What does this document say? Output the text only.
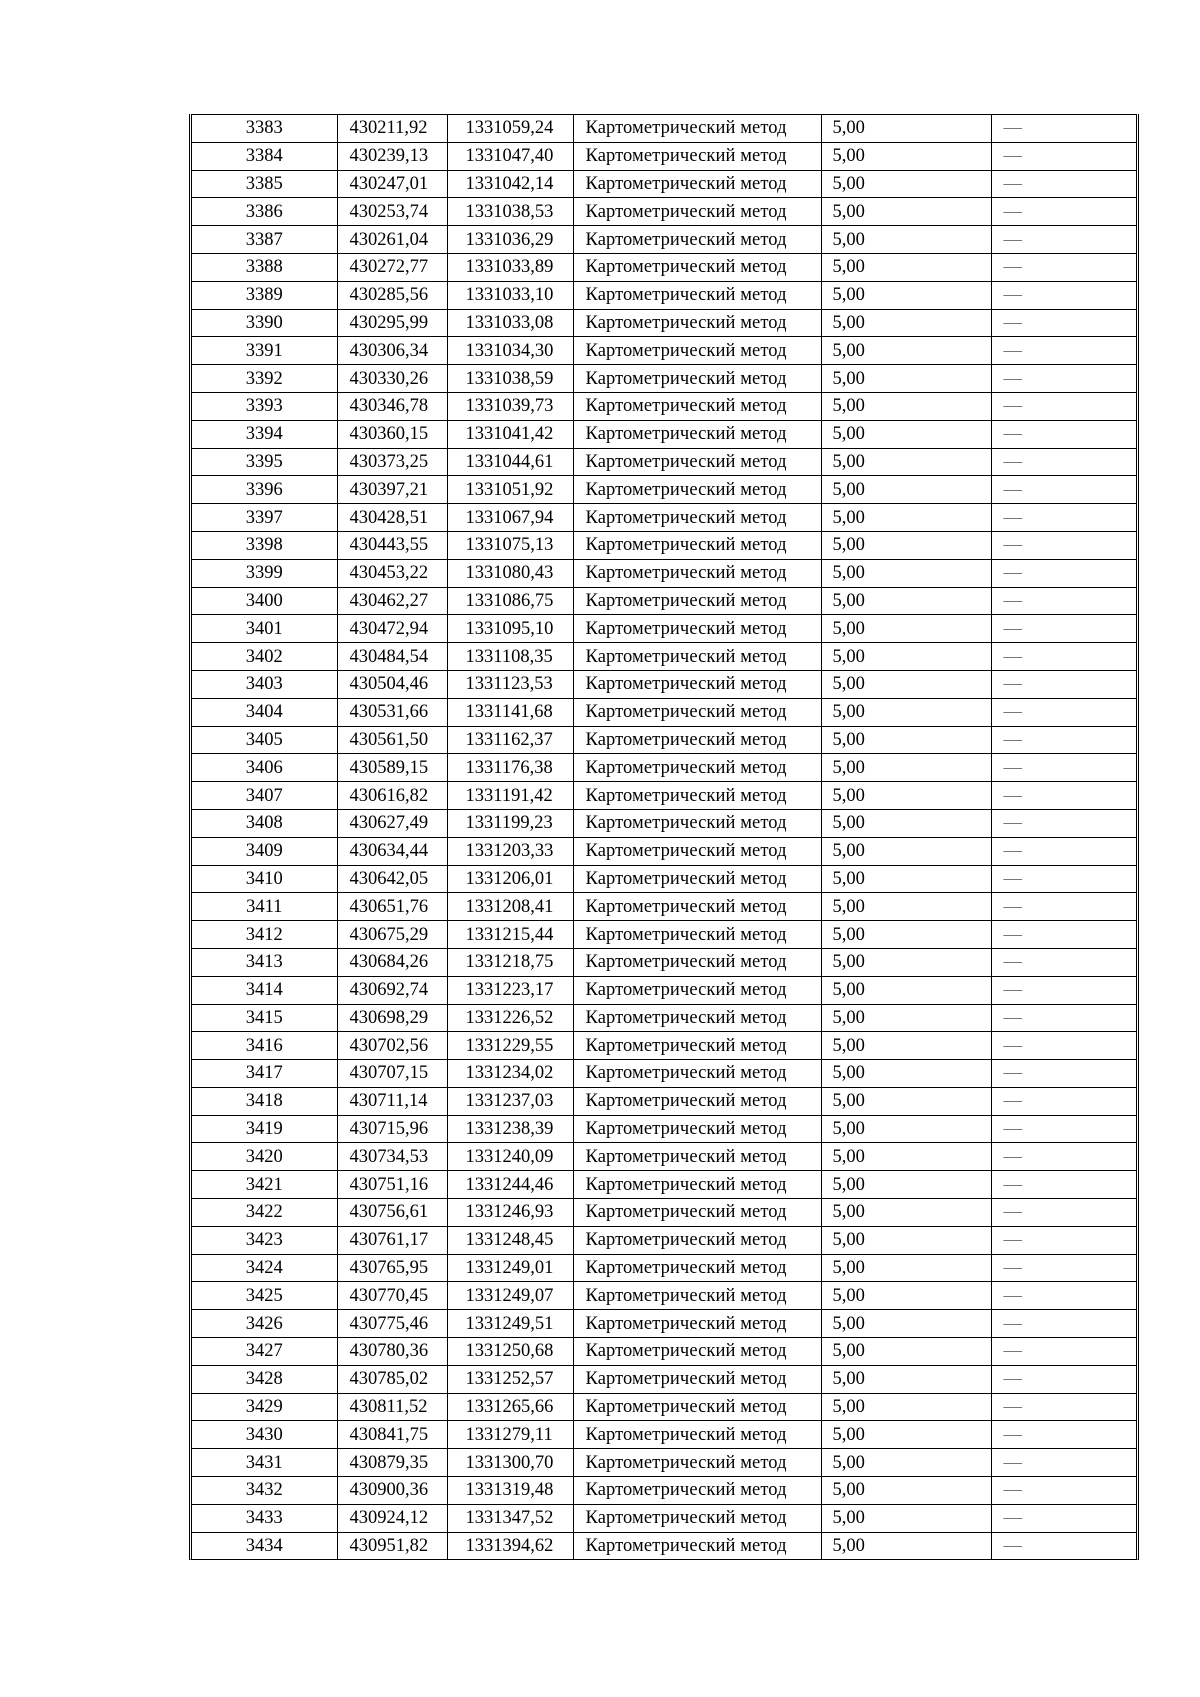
3383	430211,92	1331059,24	Картометрический метод	5,00	—
3384	430239,13	1331047,40	Картометрический метод	5,00	—
3385	430247,01	1331042,14	Картометрический метод	5,00	—
3386	430253,74	1331038,53	Картометрический метод	5,00	—
3387	430261,04	1331036,29	Картометрический метод	5,00	—
3388	430272,77	1331033,89	Картометрический метод	5,00	—
3389	430285,56	1331033,10	Картометрический метод	5,00	—
3390	430295,99	1331033,08	Картометрический метод	5,00	—
3391	430306,34	1331034,30	Картометрический метод	5,00	—
3392	430330,26	1331038,59	Картометрический метод	5,00	—
3393	430346,78	1331039,73	Картометрический метод	5,00	—
3394	430360,15	1331041,42	Картометрический метод	5,00	—
3395	430373,25	1331044,61	Картометрический метод	5,00	—
3396	430397,21	1331051,92	Картометрический метод	5,00	—
3397	430428,51	1331067,94	Картометрический метод	5,00	—
3398	430443,55	1331075,13	Картометрический метод	5,00	—
3399	430453,22	1331080,43	Картометрический метод	5,00	—
3400	430462,27	1331086,75	Картометрический метод	5,00	—
3401	430472,94	1331095,10	Картометрический метод	5,00	—
3402	430484,54	1331108,35	Картометрический метод	5,00	—
3403	430504,46	1331123,53	Картометрический метод	5,00	—
3404	430531,66	1331141,68	Картометрический метод	5,00	—
3405	430561,50	1331162,37	Картометрический метод	5,00	—
3406	430589,15	1331176,38	Картометрический метод	5,00	—
3407	430616,82	1331191,42	Картометрический метод	5,00	—
3408	430627,49	1331199,23	Картометрический метод	5,00	—
3409	430634,44	1331203,33	Картометрический метод	5,00	—
3410	430642,05	1331206,01	Картометрический метод	5,00	—
3411	430651,76	1331208,41	Картометрический метод	5,00	—
3412	430675,29	1331215,44	Картометрический метод	5,00	—
3413	430684,26	1331218,75	Картометрический метод	5,00	—
3414	430692,74	1331223,17	Картометрический метод	5,00	—
3415	430698,29	1331226,52	Картометрический метод	5,00	—
3416	430702,56	1331229,55	Картометрический метод	5,00	—
3417	430707,15	1331234,02	Картометрический метод	5,00	—
3418	430711,14	1331237,03	Картометрический метод	5,00	—
3419	430715,96	1331238,39	Картометрический метод	5,00	—
3420	430734,53	1331240,09	Картометрический метод	5,00	—
3421	430751,16	1331244,46	Картометрический метод	5,00	—
3422	430756,61	1331246,93	Картометрический метод	5,00	—
3423	430761,17	1331248,45	Картометрический метод	5,00	—
3424	430765,95	1331249,01	Картометрический метод	5,00	—
3425	430770,45	1331249,07	Картометрический метод	5,00	—
3426	430775,46	1331249,51	Картометрический метод	5,00	—
3427	430780,36	1331250,68	Картометрический метод	5,00	—
3428	430785,02	1331252,57	Картометрический метод	5,00	—
3429	430811,52	1331265,66	Картометрический метод	5,00	—
3430	430841,75	1331279,11	Картометрический метод	5,00	—
3431	430879,35	1331300,70	Картометрический метод	5,00	—
3432	430900,36	1331319,48	Картометрический метод	5,00	—
3433	430924,12	1331347,52	Картометрический метод	5,00	—
3434	430951,82	1331394,62	Картометрический метод	5,00	—
